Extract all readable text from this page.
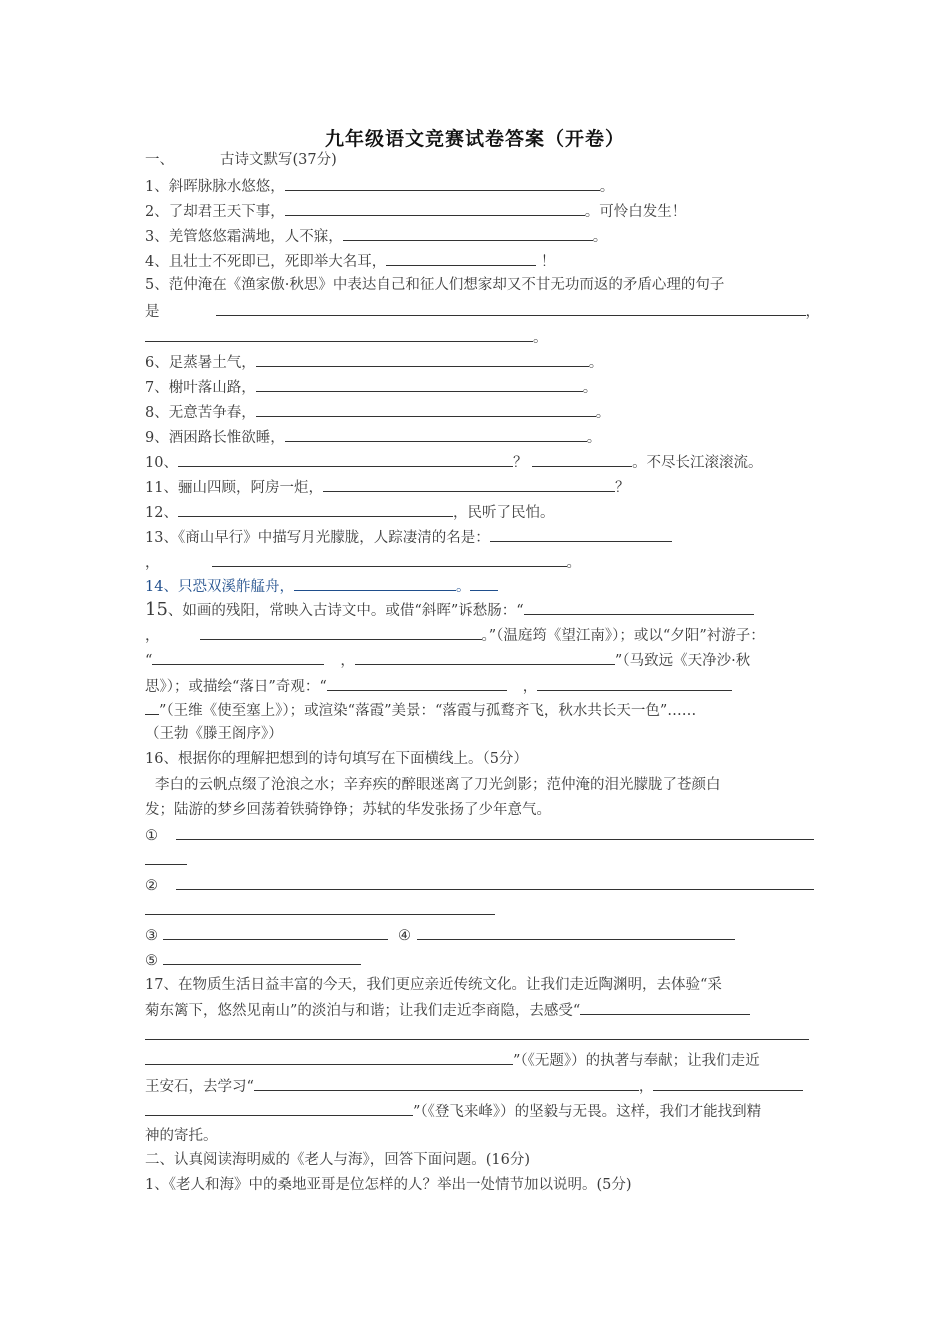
九年级语文竞赛试卷答案（开卷）
一、	古诗文默写(37分)
1、斜晖脉脉水悠悠，	。
2、了却君王天下事，	。可怜白发生！
3、羌管悠悠霜满地，人不寐，	。
4、且壮士不死即已，死即举大名耳，	！
5、范仲淹在《渔家傲·秋思》中表达自己和征人们想家却又不甘无功而返的矛盾心理的句子
是	，
。
6、足蒸暑土气，	。
7、榭叶落山路，	。
8、无意苦争春，	。
9、酒困路长惟欲睡，	。
10、	？	。不尽长江滚滚流。
11、骊山四顾，阿房一炬，	？
12、	，民听了民怕。
13、《商山早行》中描写月光朦胧，人踪凄清的名是：
，	。
14、只恐双溪舴艋舟，	。
15、如画的残阳，常映入古诗文中。或借“斜晖”诉愁肠：“
，	。”（温庭筠《望江南》）；或以“夕阳”衬游子：
“	，	”（马致远《天净沙·秋
思》）；或描绘“落日”奇观：“	，
”（王维《使至塞上》）；或渲染“落霞”美景：“落霞与孤鹜齐飞，秋水共长天一色”……
（王勃《滕王阁序》）
16、根据你的理解把想到的诗句填写在下面横线上。（5分）
李白的云帆点缀了沧浪之水；辛弃疾的醉眼迷离了刀光剑影；范仲淹的泪光朦胧了苍颜白
发；陆游的梦乡回荡着铁骑铮铮；苏轼的华发张扬了少年意气。
①
②
③	④
⑤
17、在物质生活日益丰富的今天，我们更应亲近传统文化。让我们走近陶渊明，去体验“采
菊东篱下，悠然见南山”的淡泊与和谐；让我们走近李商隐，去感受“
”（《无题》）的执著与奉献；让我们走近
王安石，去学习“	，
”（《登飞来峰》）的坚毅与无畏。这样，我们才能找到精
神的寄托。
二、认真阅读海明威的《老人与海》，回答下面问题。(16分)
1、《老人和海》中的桑地亚哥是位怎样的人？举出一处情节加以说明。(5分)
